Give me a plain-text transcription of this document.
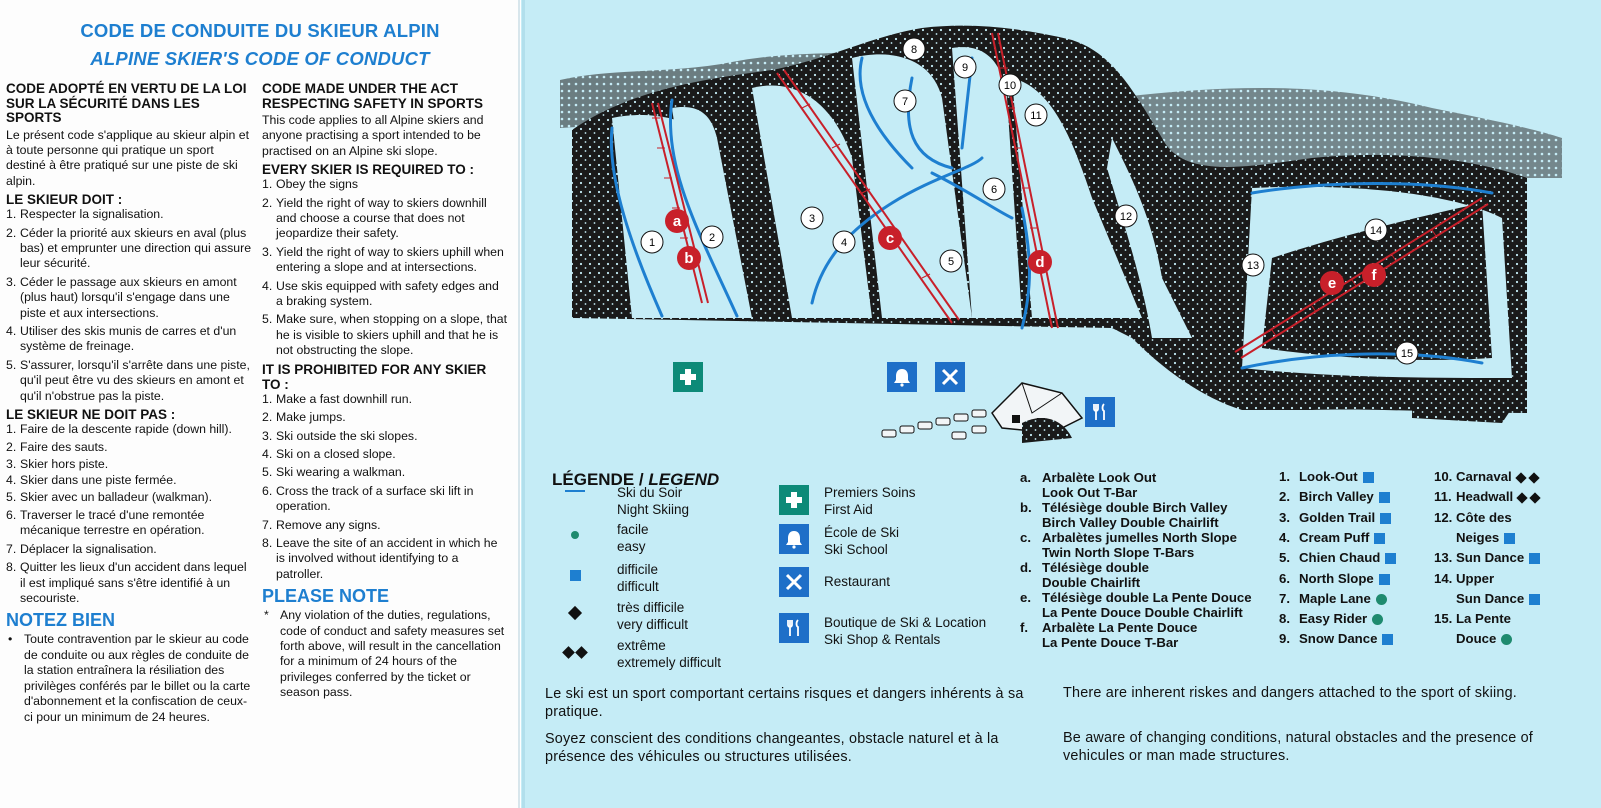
CODE DE CONDUITE DU SKIEUR ALPIN
ALPINE SKIER'S CODE OF CONDUCT
CODE ADOPTÉ EN VERTU DE LA LOI SUR LA SÉCURITÉ DANS LES SPORTS

Le présent code s'applique au skieur alpin et à toute personne qui pratique un sport destiné à être pratiqué sur une piste de ski alpin.

LE SKIEUR DOIT :
1. Respecter la signalisation.
2. Céder la priorité aux skieurs en aval (plus bas) et emprunter une direction qui assure leur sécurité.
3. Céder le passage aux skieurs en amont (plus haut) lorsqu'il s'engage dans une piste et aux intersections.
4. Utiliser des skis munis de carres et d'un système de freinage.
5. S'assurer, lorsqu'il s'arrête dans une piste, qu'il peut être vu des skieurs en amont et qu'il n'obstrue pas la piste.
LE SKIEUR NE DOIT PAS :
1. Faire de la descente rapide (down hill).
2. Faire des sauts.
3. Skier hors piste.
4. Skier dans une piste fermée.
5. Skier avec un balladeur (walkman).
6. Traverser le tracé d'une remontée mécanique terrestre en opération.
7. Déplacer la signalisation.
8. Quitter les lieux d'un accident dans lequel il est impliqué sans s'être identifié à un secouriste.
NOTEZ BIEN
• Toute contravention par le skieur au code de conduite ou aux règles de conduite de la station entraînera la résiliation des privilèges conférés par le billet ou la carte d'abonnement et la confiscation de ceux-ci pour un minimum de 24 heures.
CODE MADE UNDER THE ACT RESPECTING SAFETY IN SPORTS

This code applies to all Alpine skiers and anyone practising a sport intended to be practised on an Alpine ski slope.

EVERY SKIER IS REQUIRED TO :
1. Obey the signs
2. Yield the right of way to skiers downhill and choose a course that does not jeopardize their safety.
3. Yield the right of way to skiers uphill when entering a slope and at intersections.
4. Use skis equipped with safety edges and a braking system.
5. Make sure, when stopping on a slope, that he is visible to skiers uphill and that he is not obstructing the slope.
IT IS PROHIBITED FOR ANY SKIER TO :
1. Make a fast downhill run.
2. Make jumps.
3. Ski outside the ski slopes.
4. Ski on a closed slope.
5. Ski wearing a walkman.
6. Cross the track of a surface ski lift in operation.
7. Remove any signs.
8. Leave the site of an accident in which he is involved without identifying to a patroller.
PLEASE NOTE
* Any violation of the duties, regulations, code of conduct and safety measures set forth above, will result in the cancellation for a minimum of 24 hours of the privileges conferred by the ticket or season pass.
1	2
3
4
5
6
7
8
9
10
11
12
13
14
15
a
b
c
d
e f
LÉGENDE / LEGEND
Ski du Soir
Night Skiing
facile
easy
difficile
difficult
très difficile
very difficult
extrême
extremely difficult
Premiers Soins
First Aid
École de Ski
Ski School
Restaurant
Boutique de Ski & Location
Ski Shop & Rentals
a. Arbalète Look Out
Look Out T-Bar
b. Télésiège double Birch Valley
Birch Valley Double Chairlift
c. Arbalètes jumelles North Slope
Twin North Slope T-Bars
d. Télésiège double
Double Chairlift
e. Télésiège double La Pente Douce
La Pente Douce Double Chairlift
f. Arbalète La Pente Douce
La Pente Douce T-Bar
Le ski est un sport comportant certains risques et dangers inhérents à sa pratique.
Soyez conscient des conditions changeantes, obstacle naturel et à la présence des véhicules ou structures utilisées.
There are inherent riskes and dangers attached to the sport of skiing.
Be aware of changing conditions, natural obstacles and the presence of vehicules or man made structures.
1. Look-Out
2. Birch Valley
3. Golden Trail
4. Cream Puff
5. Chien Chaud
6. North Slope
7. Maple Lane
8. Easy Rider
9. Snow Dance
10. Carnaval
11. Headwall
12. Côte des
Neiges
13. Sun Dance
14. Upper
Sun Dance
15. La Pente
Douce
